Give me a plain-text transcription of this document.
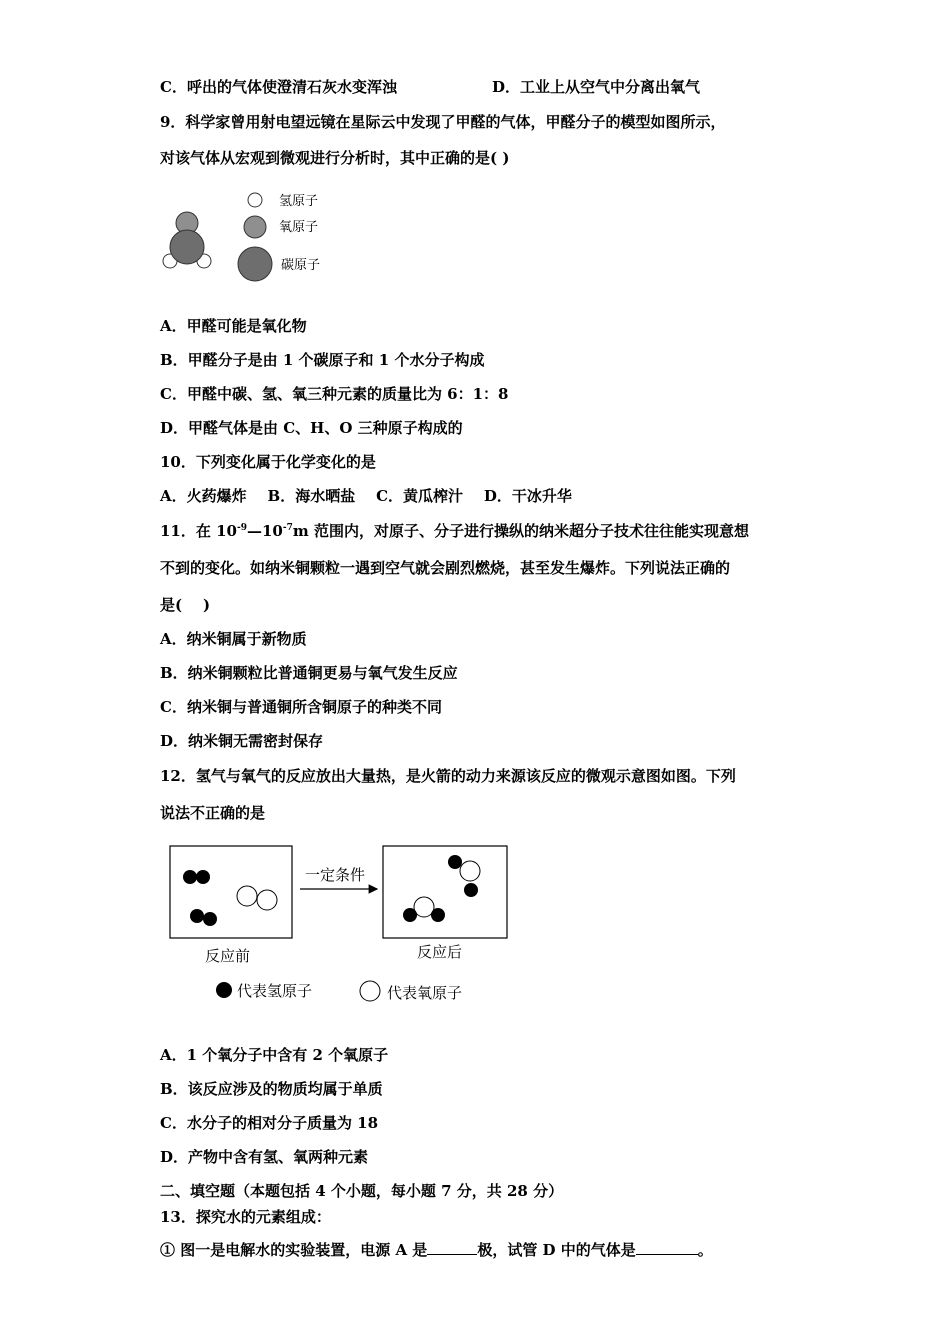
C．呼出的气体使澄清石灰水变浑浊	D．工业上从空气中分离出氧气
9．科学家曾用射电望远镜在星际云中发现了甲醛的气体，甲醛分子的模型如图所示，
对该气体从宏观到微观进行分析时，其中正确的是( )
氢原子
氧原子
碳原子
A．甲醛可能是氧化物
B．甲醛分子是由 1 个碳原子和 1 个水分子构成
C．甲醛中碳、氢、氧三种元素的质量比为 6：1：8
D．甲醛气体是由 C、H、O 三种原子构成的
10．下列变化属于化学变化的是
A．火药爆炸    B．海水晒盐    C．黄瓜榨汁    D．干冰升华
11．在 $10^{-9}—10^{-7}m$ 范围内，对原子、分子进行操纵的纳米超分子技术往往能实现意想
不到的变化。如纳米铜颗粒一遇到空气就会剧烈燃烧，甚至发生爆炸。下列说法正确的
是(    )
A．纳米铜属于新物质
B．纳米铜颗粒比普通铜更易与氧气发生反应
C．纳米铜与普通铜所含铜原子的种类不同
D．纳米铜无需密封保存
12．氢气与氧气的反应放出大量热，是火箭的动力来源该反应的微观示意图如图。下列
说法不正确的是
一定条件
反应前	反应后
代表氢原子	代表氧原子
A．1 个氧分子中含有 2 个氧原子
B．该反应涉及的物质均属于单质
C．水分子的相对分子质量为 18
D．产物中含有氢、氧两种元素
二、填空题（本题包括 4 个小题，每小题 7 分，共 28 分）
13．探究水的元素组成：
① 图一是电解水的实验装置，电源 A 是	极，试管 D 中的气体是	。
